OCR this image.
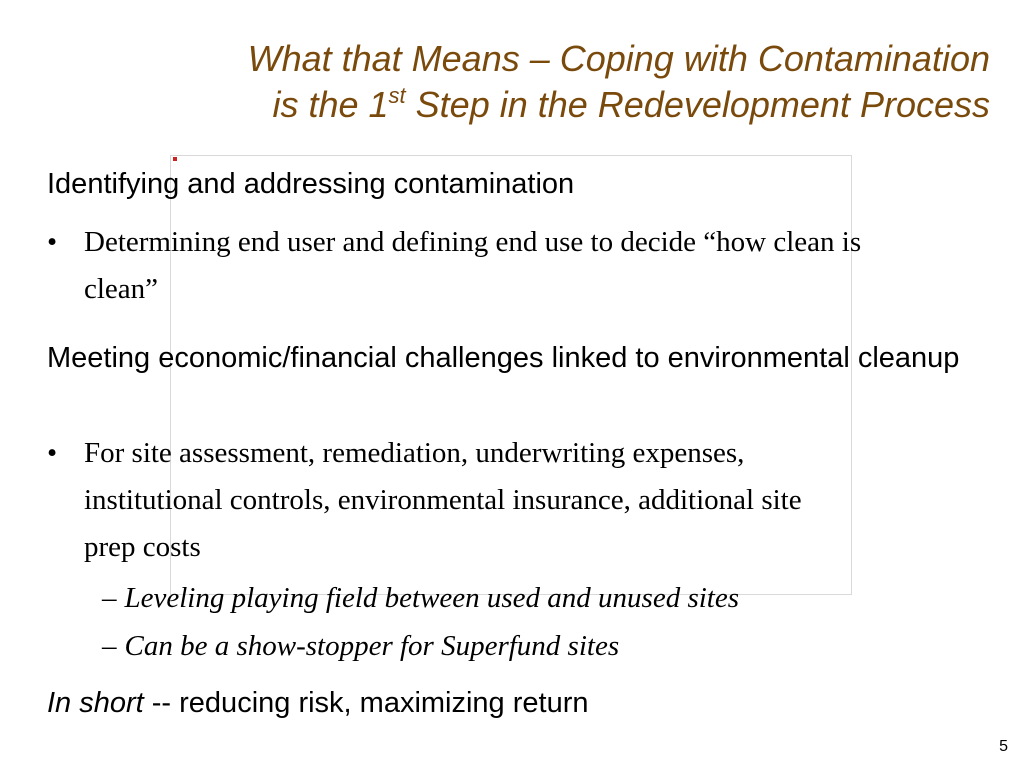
What that Means – Coping with Contamination
is the 1st Step in the Redevelopment Process

Identifying and addressing contamination

• Determining end user and defining end use to decide “how clean is clean”

Meeting economic/financial challenges linked to environmental cleanup

• For site assessment, remediation, underwriting expenses, institutional controls, environmental insurance, additional site prep costs
– Leveling playing field between used and unused sites
– Can be a show-stopper for Superfund sites

In short -- reducing risk, maximizing return

5
